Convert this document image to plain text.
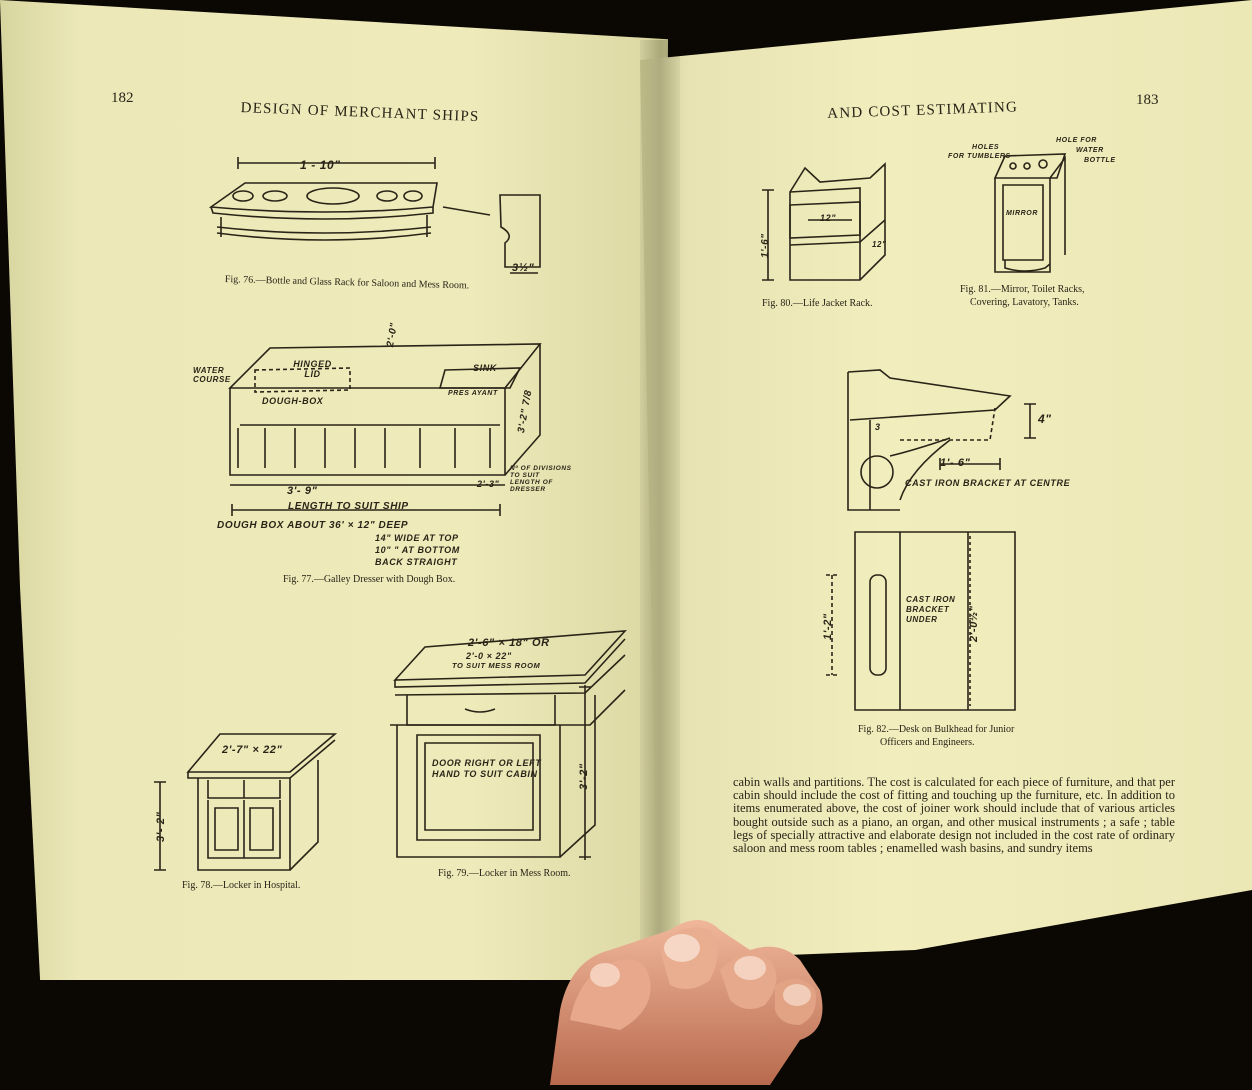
182
DESIGN OF MERCHANT SHIPS
1 - 10"
3½"
Fig. 76.—Bottle and Glass Rack for Saloon and Mess Room.
WATER COURSE
HINGED LID
DOUGH-BOX
SINK
2'-0"
PRES AYANT 3'-2" 7/8
Nº OF DIVISIONS TO SUIT LENGTH OF DRESSER
2'-3"
3'- 9"
LENGTH TO SUIT SHIP
DOUGH BOX ABOUT 36' × 12" DEEP
14" WIDE AT TOP
10" " AT BOTTOM
BACK STRAIGHT
Fig. 77.—Galley Dresser with Dough Box.
2'-6" × 18" OR
2'-0 × 22"
TO SUIT MESS ROOM
DOOR RIGHT OR LEFT
HAND TO SUIT CABIN	3'-2"
Fig. 79.—Locker in Mess Room.
2'-7" × 22"
3'- 2"
Fig. 78.—Locker in Hospital.
183
AND COST ESTIMATING
1'-6"
12"
12"
Fig. 80.—Life Jacket Rack.
HOLES
FOR TUMBLERS
HOLE FOR
WATER
BOTTLE
MIRROR
Fig. 81.—Mirror, Toilet Racks,
Covering, Lavatory, Tanks.
3
4"
1'- 6"
CAST IRON BRACKET AT CENTRE
1'-2"
CAST IRON
BRACKET
UNDER	2'-0½"
Fig. 82.—Desk on Bulkhead for Junior
Officers and Engineers.

cabin walls and partitions. The cost is calculated for each piece of furniture, and that per cabin should include the cost of fitting and touching up the furniture, etc. In addition to items enumerated above, the cost of joiner work should include that of various articles bought outside such as a piano, an organ, and other musical instruments ; a safe ; table legs of specially attractive and elaborate design not included in the cost rate of ordinary saloon and mess room tables ; enamelled wash basins, and sundry items
